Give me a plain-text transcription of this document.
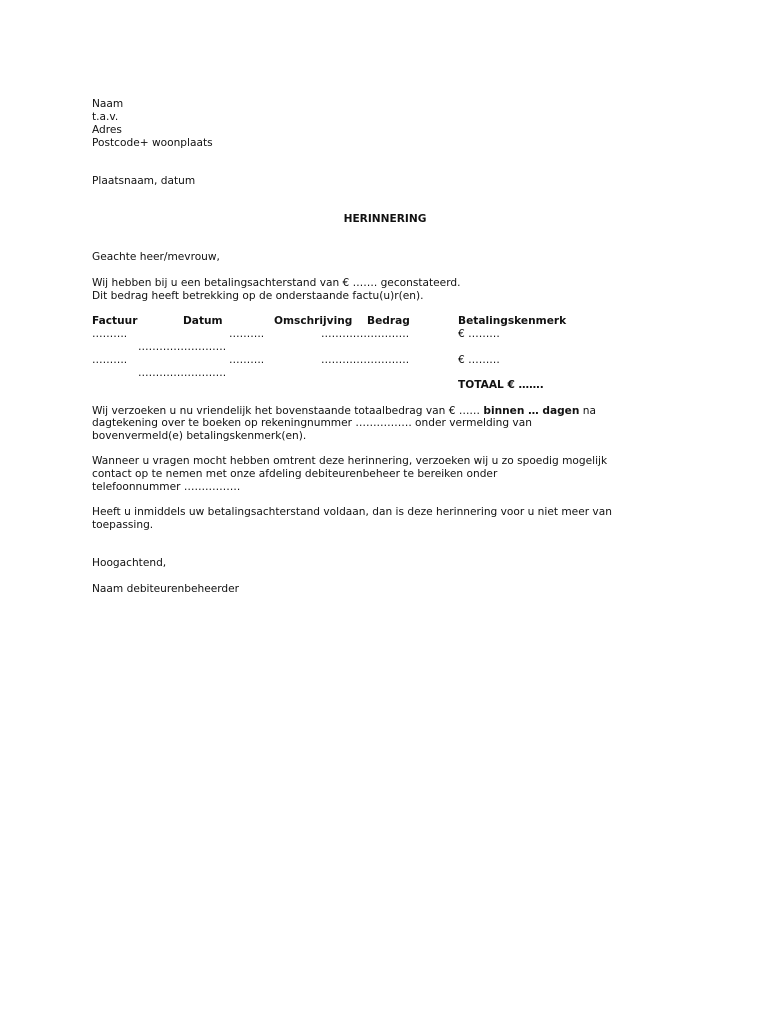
Naam
t.a.v.
Adres
Postcode+ woonplaats
Plaatsnaam, datum
HERINNERING
Geachte heer/mevrouw,
Wij hebben bij u een betalingsachterstand van € ……. geconstateerd.
Dit bedrag heeft betrekking op de onderstaande factu(u)r(en).
Factuur	Datum	Omschrijving Bedrag	Betalingskenmerk
……….	……….	…………………….	€ ………
…………………….
……….	……….	…………………….	€ ………
…………………….
TOTAAL € …….
Wij verzoeken u nu vriendelijk het bovenstaande totaalbedrag van € …… binnen … dagen na
dagtekening over te boeken op rekeningnummer ……………. onder vermelding van
bovenvermeld(e) betalingskenmerk(en).
Wanneer u vragen mocht hebben omtrent deze herinnering, verzoeken wij u zo spoedig mogelijk
contact op te nemen met onze afdeling debiteurenbeheer te bereiken onder
telefoonnummer …………….
Heeft u inmiddels uw betalingsachterstand voldaan, dan is deze herinnering voor u niet meer van
toepassing.
Hoogachtend,
Naam debiteurenbeheerder
